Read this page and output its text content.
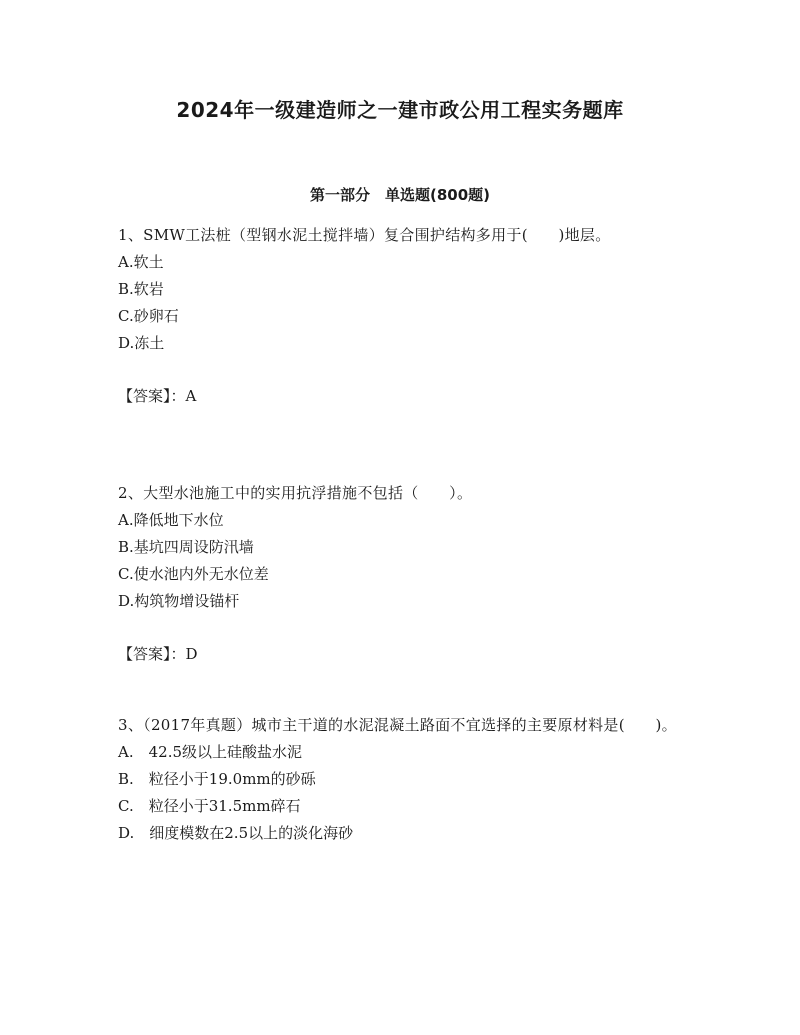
2024年一级建造师之一建市政公用工程实务题库
第一部分　单选题(800题)

1、SMW工法桩（型钢水泥土搅拌墙）复合围护结构多用于(　　)地层。

A.软土
B.软岩
C.砂卵石
D.冻土
【答案】：A

2、大型水池施工中的实用抗浮措施不包括（　　）。

A.降低地下水位
B.基坑四周设防汛墙
C.使水池内外无水位差
D.构筑物增设锚杆
【答案】：D

3、（2017年真题）城市主干道的水泥混凝土路面不宜选择的主要原材料是(　　)。

A.　42.5级以上硅酸盐水泥
B.　粒径小于19.0mm的砂砾
C.　粒径小于31.5mm碎石
D.　细度模数在2.5以上的淡化海砂
